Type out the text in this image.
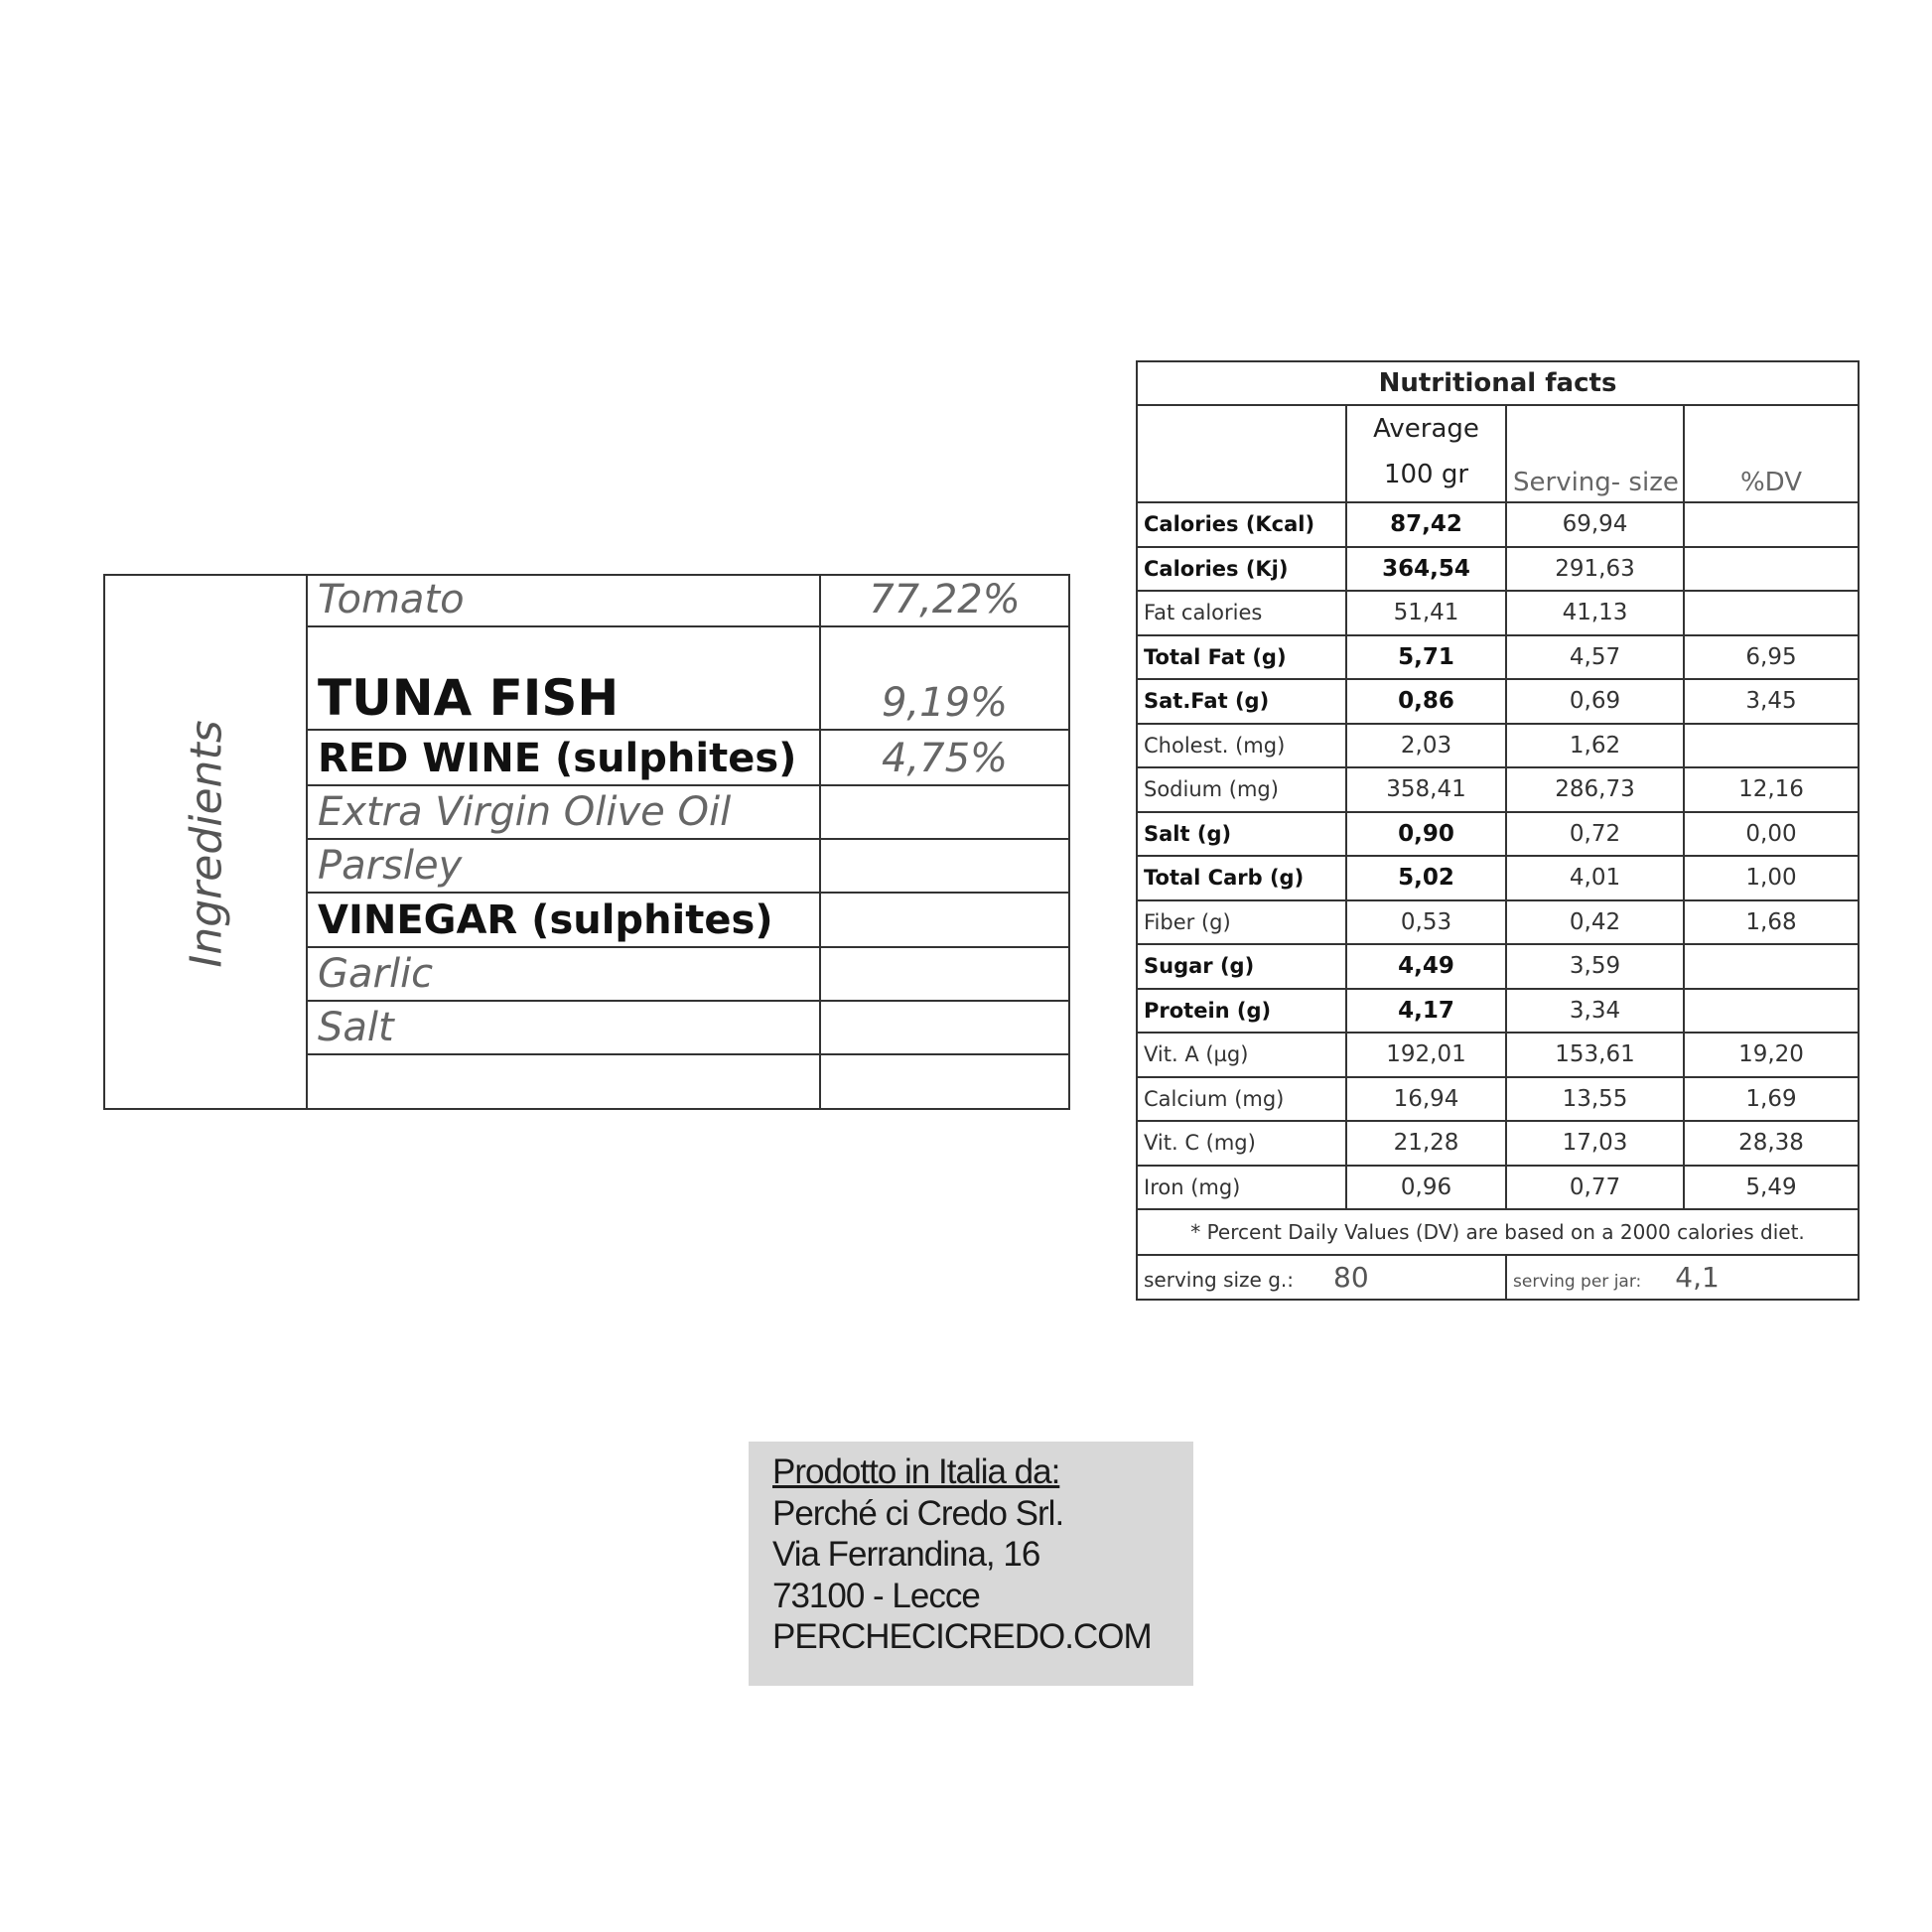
Ingredients
Tomato	77,22%
TUNA FISH	9,19%
RED WINE (sulphites)	4,75%
Extra Virgin Olive Oil
Parsley
VINEGAR (sulphites)
Garlic
Salt
Nutritional facts			

	Average
100 gr	Serving- size	%DV
Calories (Kcal)	87,42	69,94	
Calories (Kj)	364,54	291,63	
Fat calories	51,41	41,13	
Total Fat (g)	5,71	4,57	6,95
Sat.Fat (g)	0,86	0,69	3,45
Cholest. (mg)	2,03	1,62	
Sodium (mg)	358,41	286,73	12,16
Salt (g)	0,90	0,72	0,00
Total Carb (g)	5,02	4,01	1,00
Fiber (g)	0,53	0,42	1,68
Sugar (g)	4,49	3,59	
Protein (g)	4,17	3,34	
Vit. A (µg)	192,01	153,61	19,20
Calcium (mg)	16,94	13,55	1,69
Vit. C (mg)	21,28	17,03	28,38
Iron (mg)	0,96	0,77	5,49
* Percent Daily Values (DV) are based on a 2000 calories diet.			
serving size g.: 80		serving per jar: 4,1	
Prodotto in Italia da:
Perché ci Credo Srl.
Via Ferrandina, 16
73100 - Lecce
PERCHECICREDO.COM
